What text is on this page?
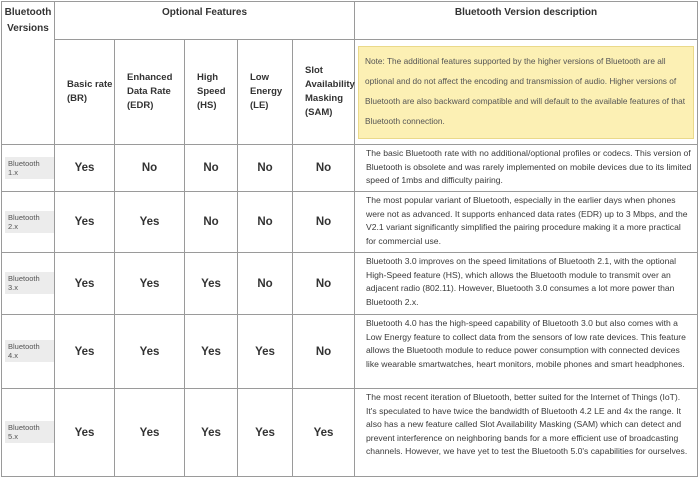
Bluetooth Versions	Optional Features					Bluetooth Version description
	Basic rate (BR)	Enhanced Data Rate (EDR)	High Speed (HS)	Low Energy (LE)	Slot Availability Masking (SAM)	Note: The additional features supported by the higher versions of Bluetooth are all optional and do not affect the encoding and transmission of audio. Higher versions of Bluetooth are also backward compatible and will default to the available features of that Bluetooth connection.

Bluetooth 1.x	Yes	No	No	No	No	The basic Bluetooth rate with no additional/optional profiles or codecs. This version of Bluetooth is obsolete and was rarely implemented on mobile devices due to its limited speed of 1mbs and difficulty pairing.
Bluetooth 2.x	Yes	Yes	No	No	No	The most popular variant of Bluetooth, especially in the earlier days when phones were not as advanced. It supports enhanced data rates (EDR) up to 3 Mbps, and the V2.1 variant significantly simplified the pairing procedure making it a more practical for commercial use.
Bluetooth 3.x	Yes	Yes	Yes	No	No	Bluetooth 3.0 improves on the speed limitations of Bluetooth 2.1, with the optional High-Speed feature (HS), which allows the Bluetooth module to transmit over an adjacent radio (802.11). However, Bluetooth 3.0 consumes a lot more power than Bluetooth 2.x.
Bluetooth 4.x	Yes	Yes	Yes	Yes	No	Bluetooth 4.0 has the high-speed capability of Bluetooth 3.0 but also comes with a Low Energy feature to collect data from the sensors of low rate devices. This feature allows the Bluetooth module to reduce power consumption with connected devices like wearable smartwatches, heart monitors, mobile phones and smart headphones.
Bluetooth 5.x	Yes	Yes	Yes	Yes	Yes	The most recent iteration of Bluetooth, better suited for the Internet of Things (IoT). It's speculated to have twice the bandwidth of Bluetooth 4.2 LE and 4x the range. It also has a new feature called Slot Availability Masking (SAM) which can detect and prevent interference on neighboring bands for a more efficient use of broadcasting channels. However, we have yet to test the Bluetooth 5.0's capabilities for ourselves.
